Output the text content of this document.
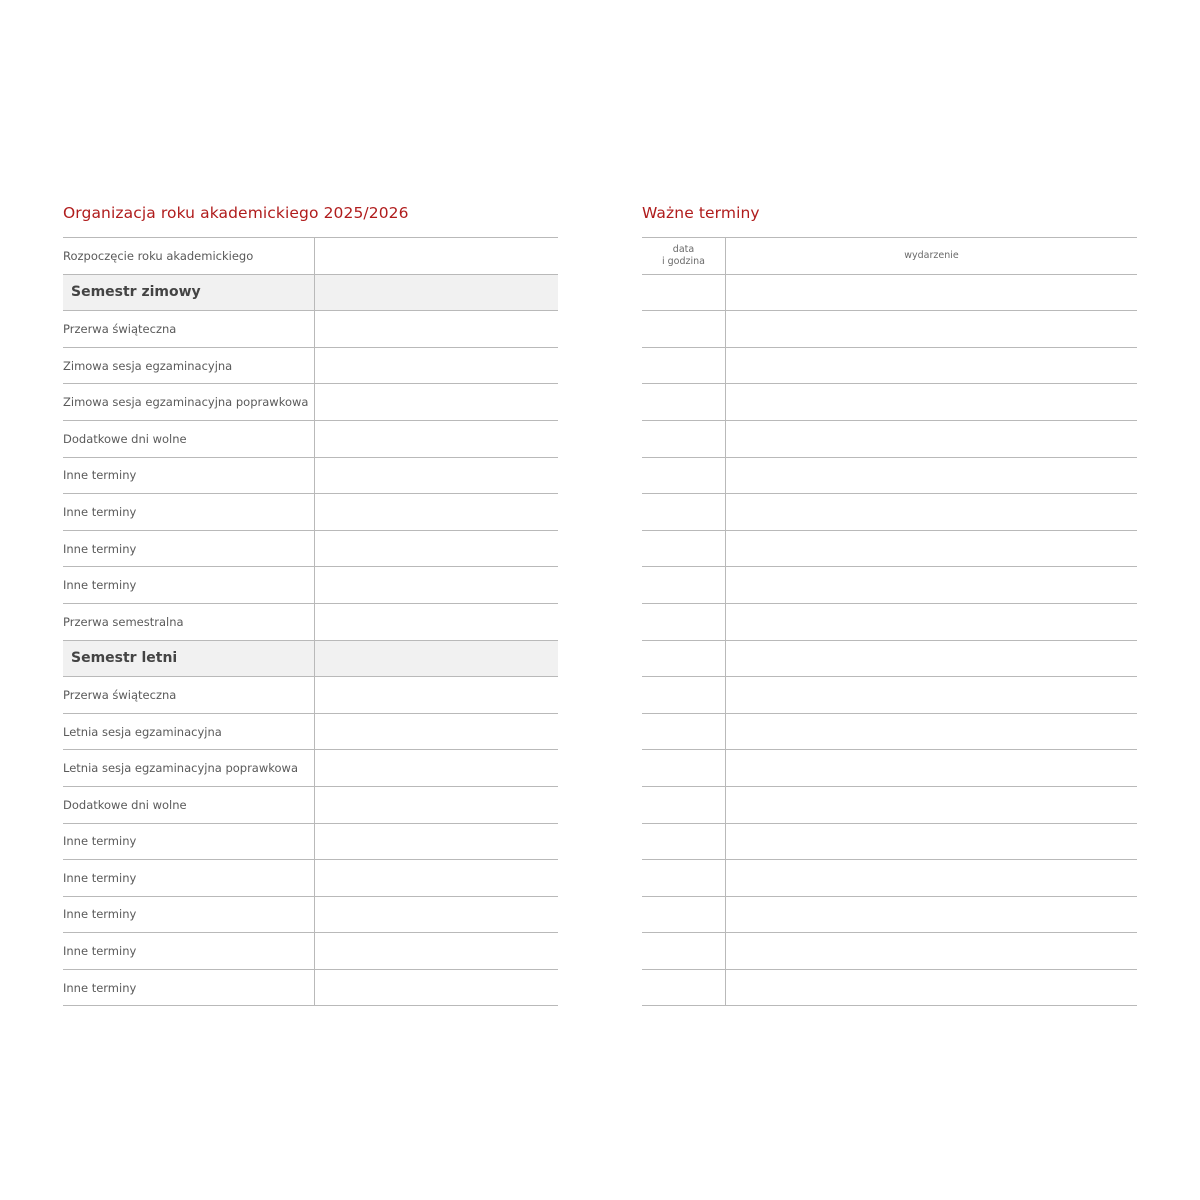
Organizacja roku akademickiego 2025/2026
Rozpoczęcie roku akademickiego	
Semestr zimowy	
Przerwa świąteczna	
Zimowa sesja egzaminacyjna	
Zimowa sesja egzaminacyjna poprawkowa	
Dodatkowe dni wolne	
Inne terminy	
Inne terminy	
Inne terminy	
Inne terminy	
Przerwa semestralna	
Semestr letni	
Przerwa świąteczna	
Letnia sesja egzaminacyjna	
Letnia sesja egzaminacyjna poprawkowa	
Dodatkowe dni wolne	
Inne terminy	
Inne terminy	
Inne terminy	
Inne terminy	
Inne terminy	
Ważne terminy
data
i godzina	wydarzenie
